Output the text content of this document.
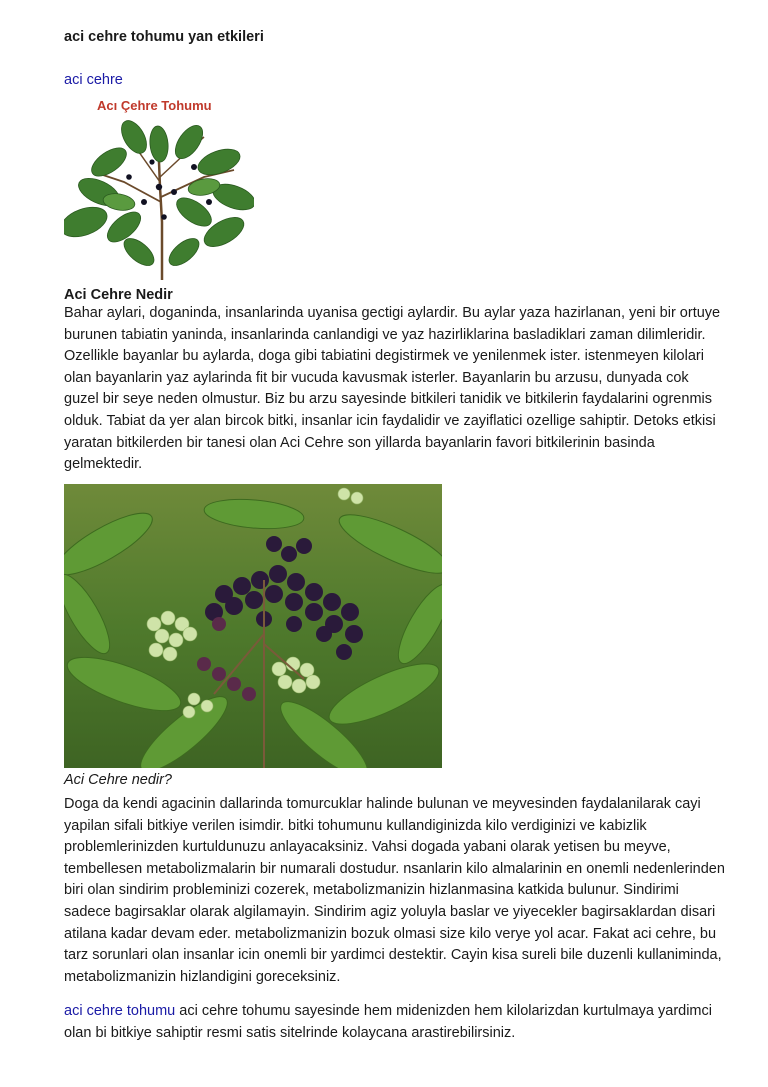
aci cehre tohumu yan etkileri
aci cehre
Acı Çehre Tohumu
Aci Cehre Nedir

Bahar aylari, doganinda, insanlarinda uyanisa gectigi aylardir. Bu aylar yaza hazirlanan, yeni bir ortuye burunen tabiatin yaninda, insanlarinda canlandigi ve yaz hazirliklarina basladiklari zaman dilimleridir. Ozellikle bayanlar bu aylarda, doga gibi tabiatini degistirmek ve yenilenmek ister. istenmeyen kilolari olan bayanlarin yaz aylarinda fit bir vucuda kavusmak isterler. Bayanlarin bu arzusu, dunyada cok guzel bir seye neden olmustur. Biz bu arzu sayesinde bitkileri tanidik ve bitkilerin faydalarini ogrenmis olduk. Tabiat da yer alan bircok bitki, insanlar icin faydalidir ve zayiflatici ozellige sahiptir. Detoks etkisi yaratan bitkilerden bir tanesi olan Aci Cehre son yillarda bayanlarin favori bitkilerinin basinda gelmektedir.

Aci Cehre nedir?

Doga da kendi agacinin dallarinda tomurcuklar halinde bulunan ve meyvesinden faydalanilarak cayi yapilan sifali bitkiye verilen isimdir. bitki tohumunu kullandiginizda kilo verdiginizi ve kabizlik problemlerinizden kurtuldunuzu anlayacaksiniz. Vahsi dogada yabani olarak yetisen bu meyve, tembellesen metabolizmalarin bir numarali dostudur. nsanlarin kilo almalarinin en onemli nedenlerinden biri olan sindirim probleminizi cozerek, metabolizmanizin hizlanmasina katkida bulunur. Sindirimi sadece bagirsaklar olarak algilamayin. Sindirim agiz yoluyla baslar ve yiyecekler bagirsaklardan disari atilana kadar devam eder. metabolizmanizin bozuk olmasi size kilo verye yol acar. Fakat aci cehre, bu tarz sorunlari olan insanlar icin onemli bir yardimci destektir. Cayin kisa sureli bile duzenli kullaniminda, metabolizmanizin hizlandigini goreceksiniz.

aci cehre tohumu aci cehre tohumu sayesinde hem midenizden hem kilolarizdan kurtulmaya yardimci olan bi bitkiye sahiptir resmi satis sitelrinde kolaycana arastirebilirsiniz.
